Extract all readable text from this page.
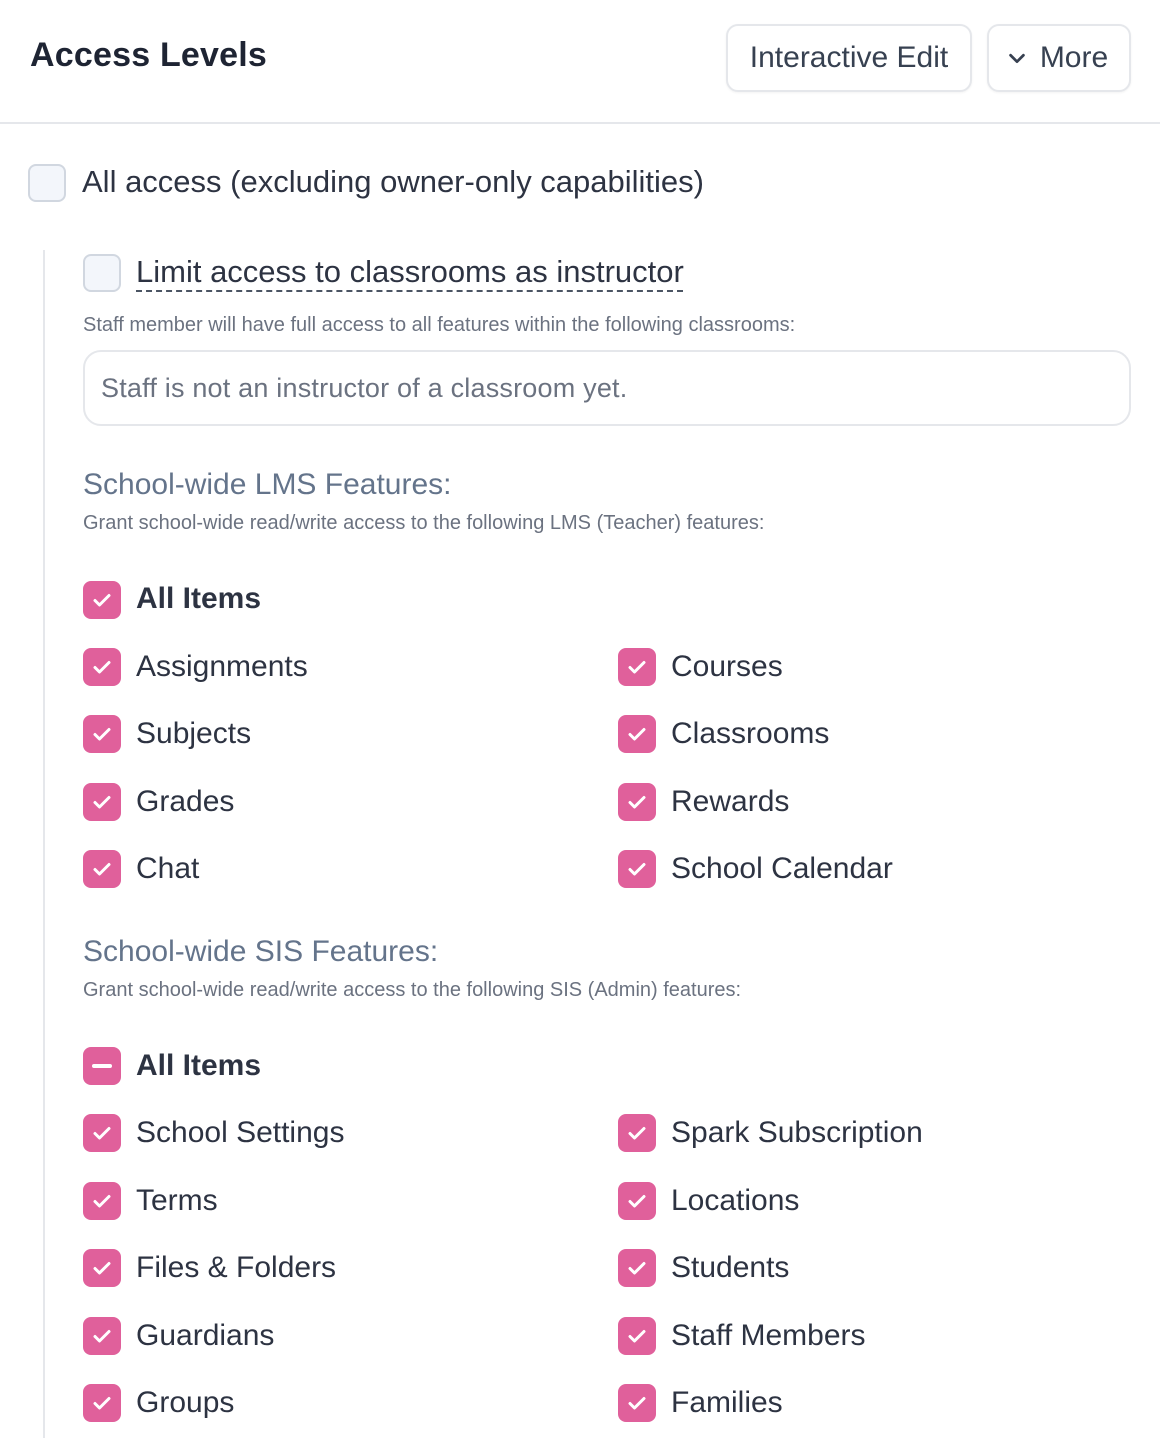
Access Levels	Interactive Edit	More
All access (excluding owner-only capabilities)
Limit access to classrooms as instructor
Staff member will have full access to all features within the following classrooms:
Staff is not an instructor of a classroom yet.
School-wide LMS Features:
Grant school-wide read/write access to the following LMS (Teacher) features:
All Items
Assignments	Courses
Subjects	Classrooms
Grades	Rewards
Chat	School Calendar
School-wide SIS Features:
Grant school-wide read/write access to the following SIS (Admin) features:
All Items
School Settings	Spark Subscription
Terms	Locations
Files & Folders	Students
Guardians	Staff Members
Groups	Families
